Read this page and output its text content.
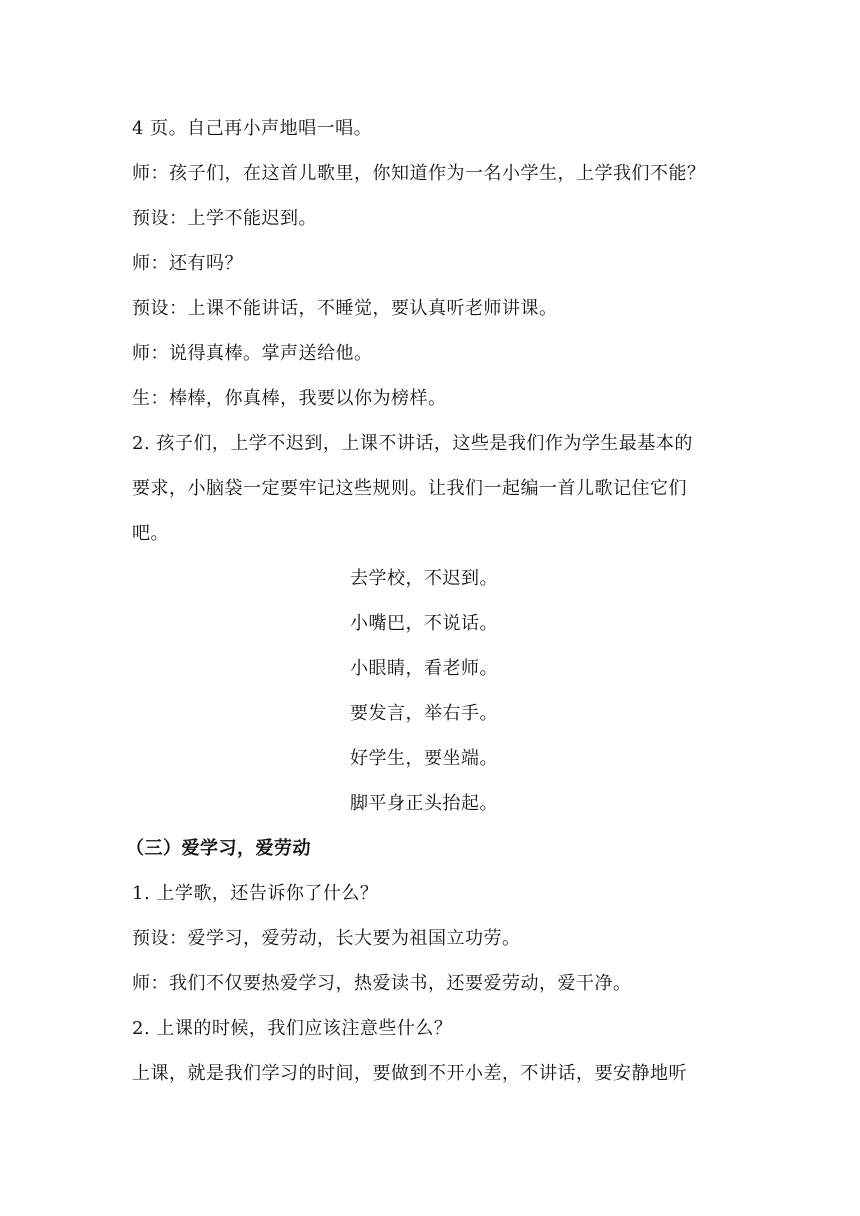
4 页。自己再小声地唱一唱。
师：孩子们，在这首儿歌里，你知道作为一名小学生，上学我们不能？
预设：上学不能迟到。
师：还有吗？
预设：上课不能讲话，不睡觉，要认真听老师讲课。
师：说得真棒。掌声送给他。
生：棒棒，你真棒，我要以你为榜样。
2. 孩子们，上学不迟到，上课不讲话，这些是我们作为学生最基本的
要求，小脑袋一定要牢记这些规则。让我们一起编一首儿歌记住它们
吧。
去学校，不迟到。
小嘴巴，不说话。
小眼睛，看老师。
要发言，举右手。
好学生，要坐端。
脚平身正头抬起。
（三）爱学习，爱劳动
1. 上学歌，还告诉你了什么？
预设：爱学习，爱劳动，长大要为祖国立功劳。
师：我们不仅要热爱学习，热爱读书，还要爱劳动，爱干净。
2. 上课的时候，我们应该注意些什么？
上课，就是我们学习的时间，要做到不开小差，不讲话，要安静地听
